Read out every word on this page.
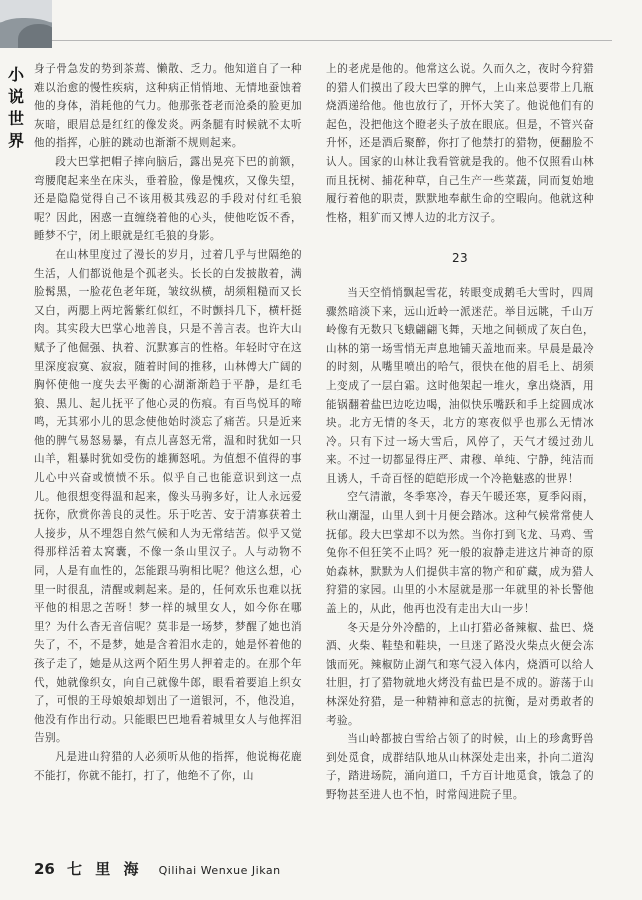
小
说
世
界

身子骨急发的势到茶蔫、懒散、乏力。他知道自了一种难以治愈的慢性疾病，这种病正悄悄地、无情地蚕蚀着他的身体，消耗他的气力。他那张苍老而沧桑的脸更加灰暗，眼眉总是红红的像发炎。两条腿有时候就不太听他的指挥，心脏的跳动也渐渐不规则起来。

段大巴掌把帽子摔向脑后，露出晃亮下巴的前额，弯腰爬起来坐在床头，垂着脸，像是愧疚，又像失望，还是隐隐觉得自己不该用极其残忍的手段对付红毛狼呢？因此，困惑一直缠绕着他的心头，使他吃饭不香，睡梦不宁，闭上眼就是红毛狼的身影。

在山林里度过了漫长的岁月，过着几乎与世隔绝的生活，人们都说他是个孤老头。长长的白发披散着，满脸髯黑，一脸花色老年斑，皱纹纵横，胡须粗糙而又长又白，两腮上两坨酱紫红似红，不时颤抖几下，横杆挺肉。其实段大巴掌心地善良，只是不善言表。也许大山赋予了他倔强、执着、沉默寡言的性格。年轻时守在这里深度寂寞、寂寂，随着时间的推移，山林傅大广阔的胸怀使他一度失去平衡的心湖渐渐趋于平静，是红毛狼、黑儿、起儿抚平了他心灵的伤痕。有百鸟悦耳的啼鸣，无其邪小儿的思念使他始时淡忘了痛苦。只是近来他的脾气易怒易暴，有点儿喜怒无常，温和时犹如一只山羊，粗暴时犹如受伤的雄狮怒吼。为值想不值得的事儿心中兴奋或愤愤不乐。似乎自己也能意识到这一点儿。他很想变得温和起来，像头马驹多好，让人永远爱抚你，欣赏你善良的灵性。乐于吃苦、安于清寡获着土人接步，从不埋怨自然气候和人为无常结苦。似乎又觉得那样活着太窝囊，不像一条山里汉子。人与动物不同，人是有血性的，怎能跟马驹相比呢？他这么想，心里一时很乱，清醒或刺起来。是的，任何欢乐也难以抚平他的相思之苦呀！梦一样的城里女人，如今你在哪里？为什么杳无音信呢？莫非是一场梦，梦醒了她也消失了，不，不是梦，她是含着泪水走的，她是怀着他的孩子走了，她是从这两个陌生男人押着走的。在那个年代，她就像织女，向自己就像牛郎，眼看着要追上织女了，可恨的王母娘娘却划出了一道银河，不，他没追，他没有作出行动。只能眼巴巴地看着城里女人与他挥泪告别。

凡是进山狩猎的人必须听从他的指挥，他说梅花鹿不能打，你就不能打，打了，他绝不了你，山

上的老虎是他的。他常这么说。久而久之，夜时今狩猎的猎人们摸出了段大巴掌的脾气，上山来总要带上几瓶烧酒递给他。他也放行了，开怀大笑了。他说他们有的起色，没把他这个瞪老头子放在眼底。但是，不管兴奋升怀，还是酒后聚醉，你打了他禁打的猎物，便翻脸不认人。国家的山林让我看管就是我的。他不仅照看山林而且抚树、捕花种草，自己生产一些菜蔬，同而复始地履行着他的职责，默默地奉献生命的空暇向。他就这种性格，粗犷而又博人边的北方汉子。

23

当天空悄悄飘起雪花，转眼变成鹅毛大雪时，四周骤然暗淡下来，远山近岭一派迷茫。举目远眺，千山万岭像有无数只飞蛾翩翩飞舞，天地之间顿成了灰白色，山林的第一场雪悄无声息地铺天盖地而来。早晨是最冷的时刻，从嘴里喷出的哈气，很快在他的眉毛上、胡须上变成了一层白霜。这时他架起一堆火，拿出烧酒，用能锅翻着盐巴边吃边喝，油似快乐嘴跃和手上绽圆成冰块。北方无情的冬天，北方的寒夜似乎也那么无情冰冷。只有下过一场大雪后，风停了，天气才缓过劲儿来。不过一切都显得庄严、肃穆、单纯、宁静，纯洁而且诱人，千奇百怪的皑皑形成一个冷艳魅惑的世界！

空气清澈，冬季寒冷，春天午暖还寒，夏季闷雨，秋山潮湿，山里人到十月便会踏冰。这种气候常常使人抚郁。段大巴掌却不以为然。当你打到飞龙、马鸡、雪兔你不但狂笑不止吗？死一般的寂静走进这片神奇的原始森林，默默为人们提供丰富的物产和矿藏，成为猎人狩猎的家园。山里的小木屋就是那一年就里的补长警他盖上的，从此，他再也没有走出大山一步！

冬天是分外冷酷的，上山打猎必备辣椒、盐巴、烧酒、火柴、鞋垫和鞋块，一旦迷了路没火柴点火便会冻饿而死。辣椒防止湖气和寒气浸入体内，烧酒可以给人壮胆，打了猎物就地火烤没有盐巴是不成的。游荡于山林深处狩猎，是一种精神和意志的抗衡，是对勇敢者的考验。

当山岭都披白雪给占领了的时候，山上的珍禽野兽到处觅食，成群结队地从山林深处走出来，扑向二道沟子，踏进场院，涌向道口，千方百计地觅食，饿急了的野物甚至进人也不怕，时常闯进院子里。

26 七 里 海 Qilihai Wenxue Jikan
